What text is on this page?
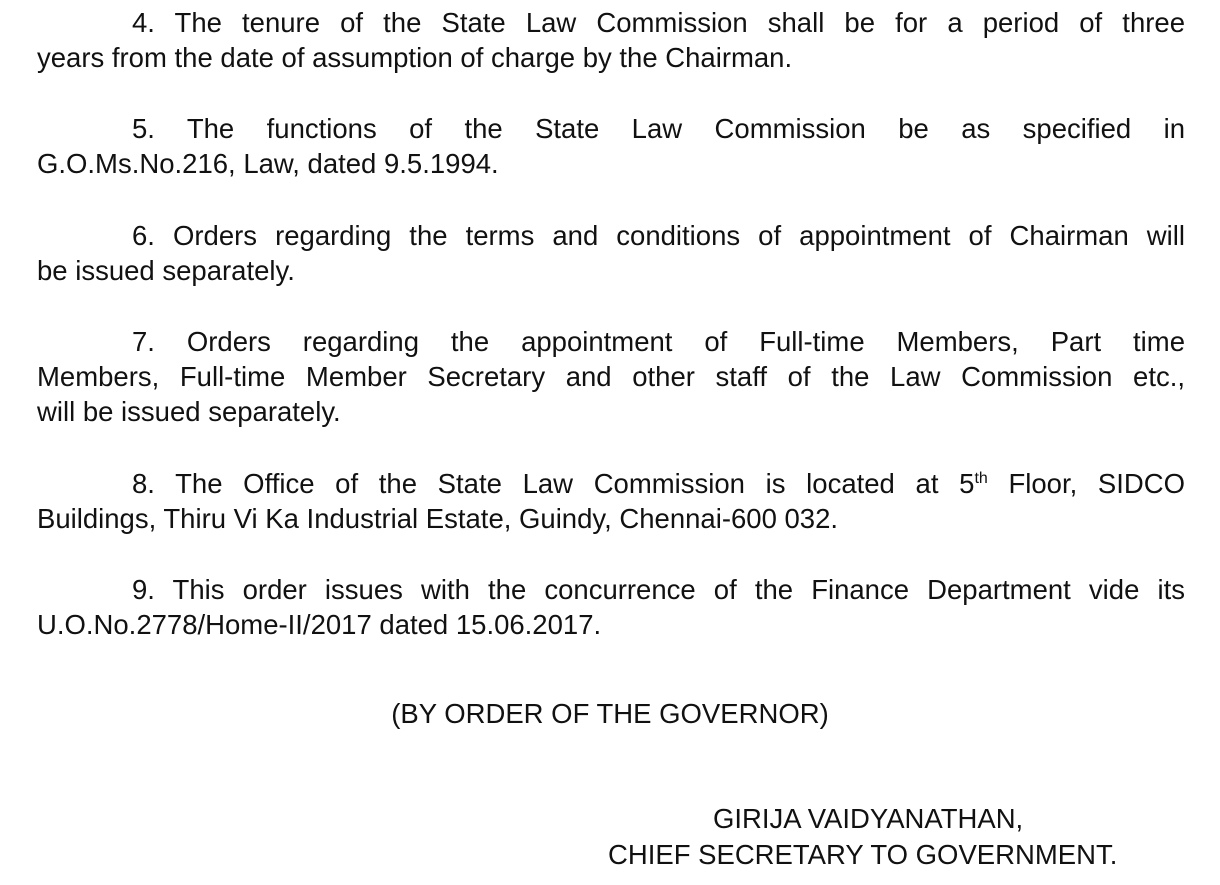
4. The tenure of the State Law Commission shall be for a period of three
years from the date of assumption of charge by the Chairman.
5. The functions of the State Law Commission be as specified in
G.O.Ms.No.216, Law, dated 9.5.1994.
6. Orders regarding the terms and conditions of appointment of Chairman will
be issued separately.
7. Orders regarding the appointment of Full-time Members, Part time
Members, Full-time Member Secretary and other staff of the Law Commission etc.,
will be issued separately.
8. The Office of the State Law Commission is located at 5th Floor, SIDCO
Buildings, Thiru Vi Ka Industrial Estate, Guindy, Chennai-600 032.
9. This order issues with the concurrence of the Finance Department vide its
U.O.No.2778/Home-II/2017 dated 15.06.2017.
(BY ORDER OF THE GOVERNOR)
GIRIJA VAIDYANATHAN,
CHIEF SECRETARY TO GOVERNMENT.
